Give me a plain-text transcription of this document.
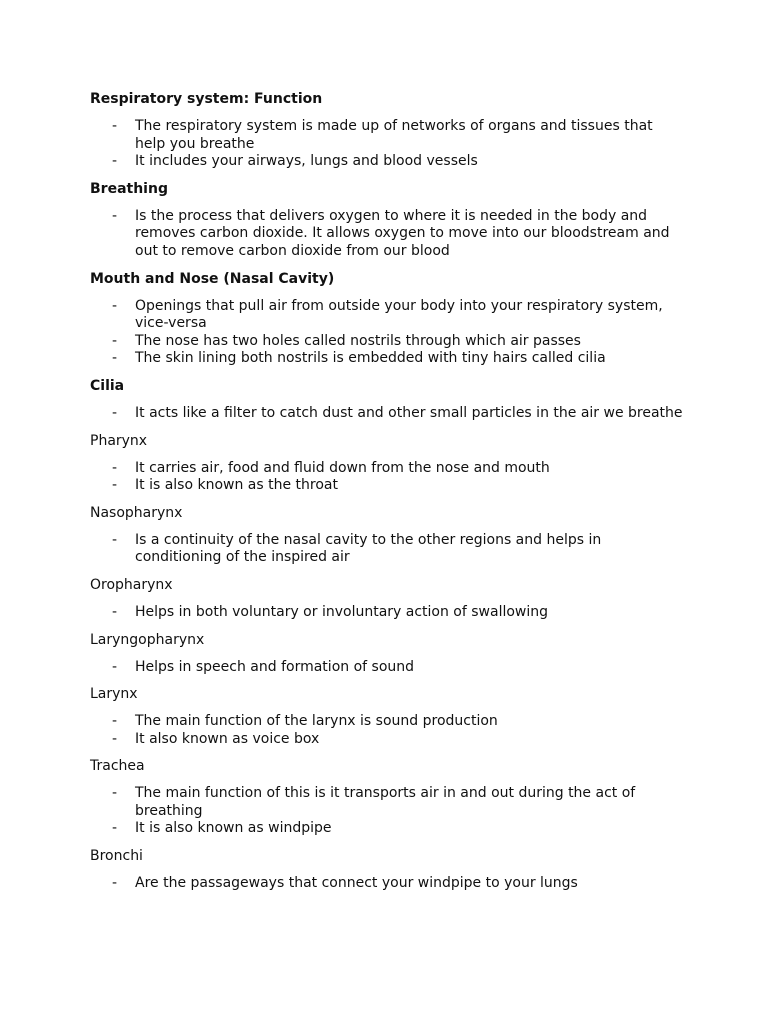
Respiratory system: Function
- The respiratory system is made up of networks of organs and tissues that
help you breathe
- It includes your airways, lungs and blood vessels
Breathing
- Is the process that delivers oxygen to where it is needed in the body and
removes carbon dioxide. It allows oxygen to move into our bloodstream and
out to remove carbon dioxide from our blood
Mouth and Nose (Nasal Cavity)
- Openings that pull air from outside your body into your respiratory system,
vice-versa
- The nose has two holes called nostrils through which air passes
- The skin lining both nostrils is embedded with tiny hairs called cilia
Cilia
- It acts like a filter to catch dust and other small particles in the air we breathe
Pharynx
- It carries air, food and fluid down from the nose and mouth
- It is also known as the throat
Nasopharynx
- Is a continuity of the nasal cavity to the other regions and helps in
conditioning of the inspired air
Oropharynx
- Helps in both voluntary or involuntary action of swallowing
Laryngopharynx
- Helps in speech and formation of sound
Larynx
- The main function of the larynx is sound production
- It also known as voice box
Trachea
- The main function of this is it transports air in and out during the act of
breathing
- It is also known as windpipe
Bronchi
- Are the passageways that connect your windpipe to your lungs
